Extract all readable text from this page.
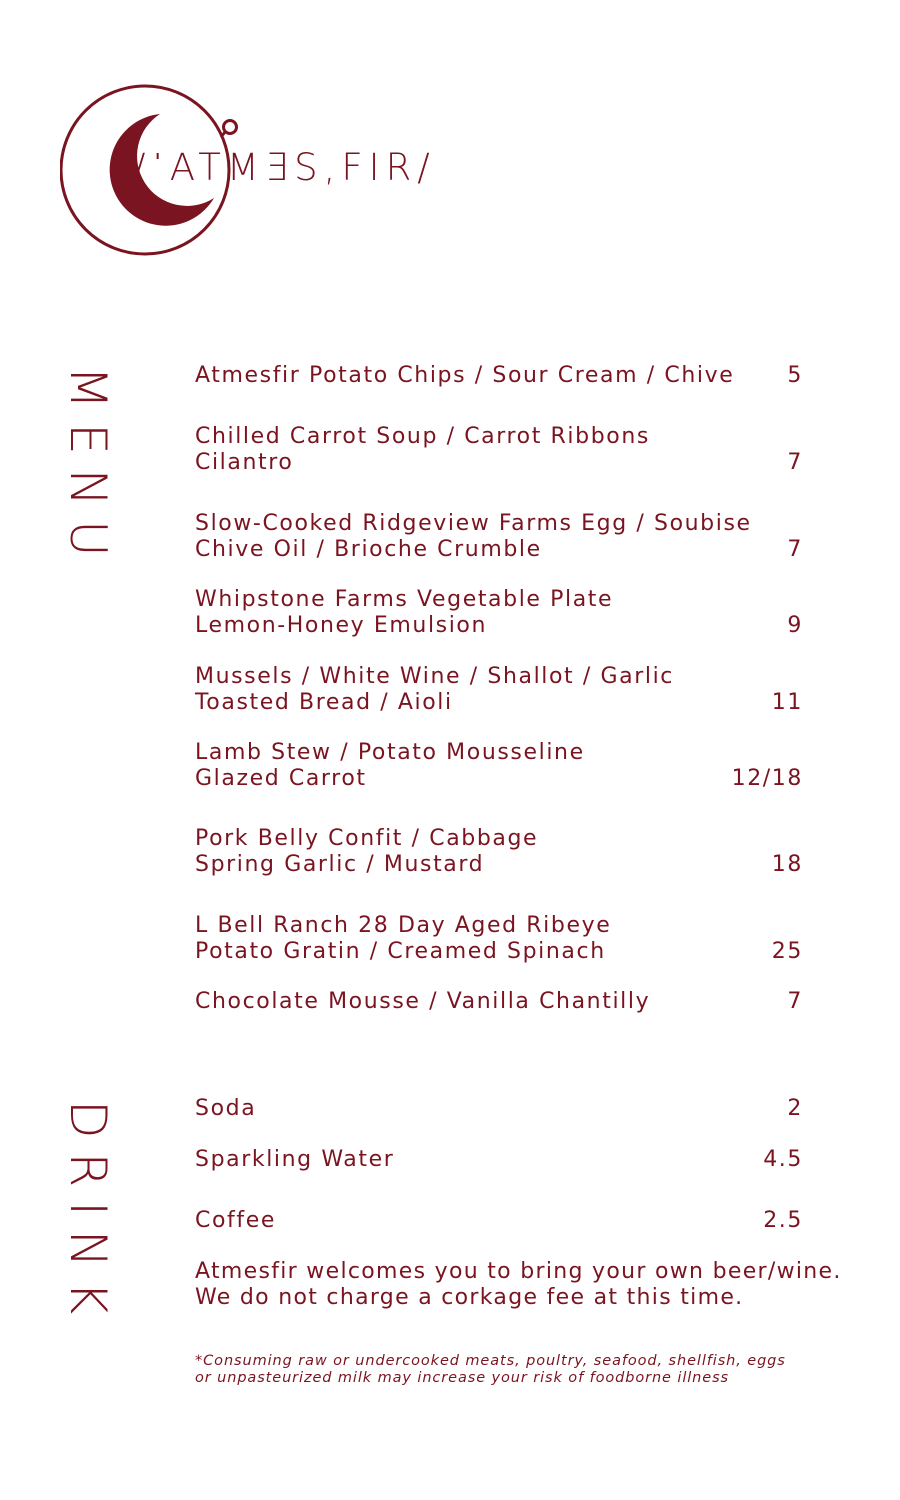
/ˈATMƎS,FIR/
MENU
DRINK
Atmesfir Potato Chips / Sour Cream / Chive	5
Chilled Carrot Soup / Carrot Ribbons
Cilantro	7
Slow-Cooked Ridgeview Farms Egg / Soubise
Chive Oil / Brioche Crumble	7
Whipstone Farms Vegetable Plate
Lemon-Honey Emulsion	9
Mussels / White Wine / Shallot / Garlic
Toasted Bread / Aioli	11
Lamb Stew / Potato Mousseline
Glazed Carrot	12/18
Pork Belly Confit / Cabbage
Spring Garlic / Mustard	18
L Bell Ranch 28 Day Aged Ribeye
Potato Gratin / Creamed Spinach	25
Chocolate Mousse / Vanilla Chantilly	7
Soda	2
Sparkling Water	4.5
Coffee	2.5
Atmesfir welcomes you to bring your own beer/wine.
We do not charge a corkage fee at this time.
*Consuming raw or undercooked meats, poultry, seafood, shellfish, eggs
or unpasteurized milk may increase your risk of foodborne illness
